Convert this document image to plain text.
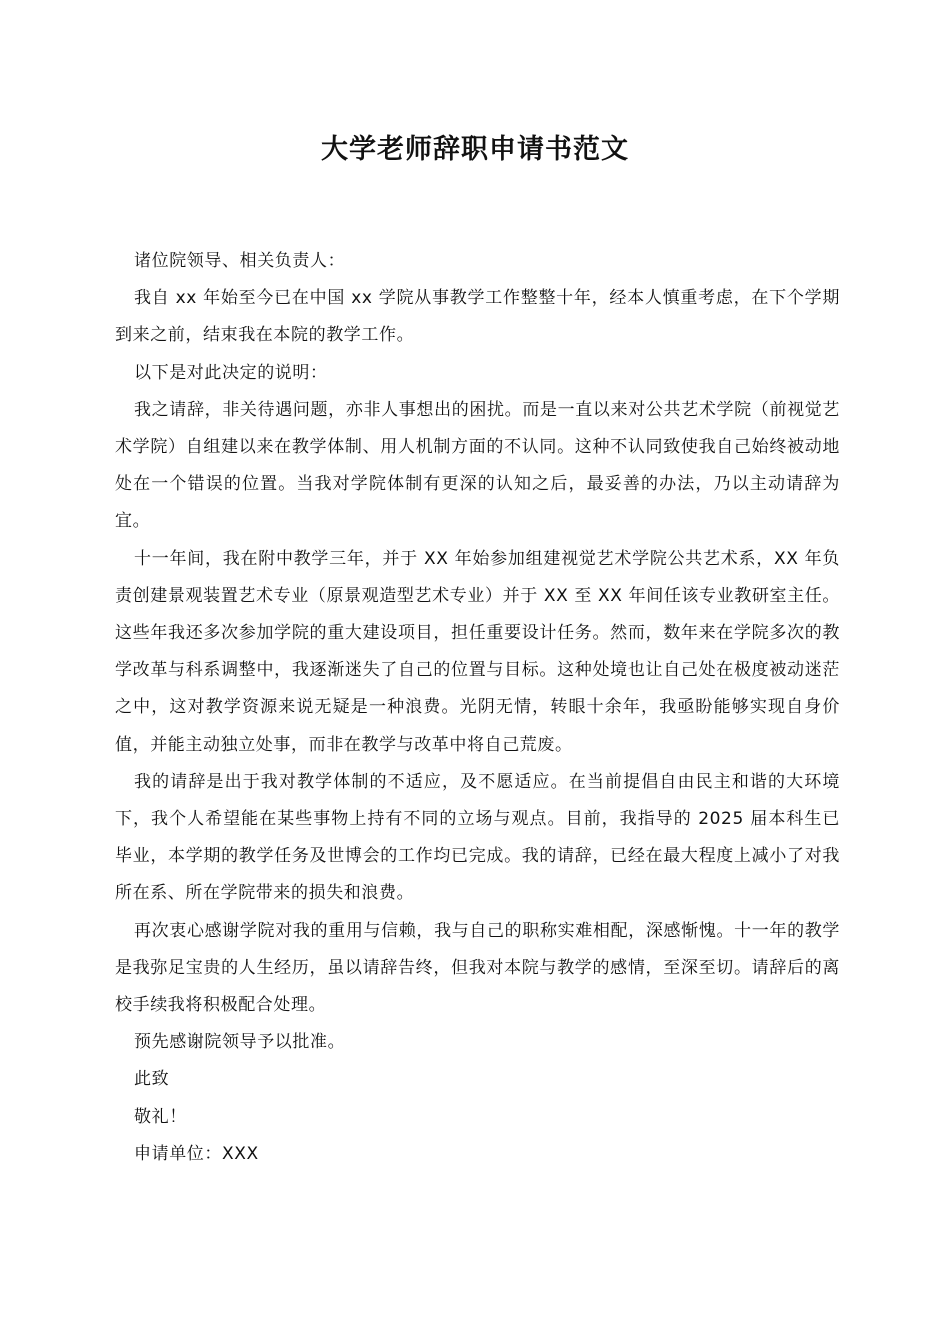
大学老师辞职申请书范文

诸位院领导、相关负责人：

我自 xx 年始至今已在中国 xx 学院从事教学工作整整十年，经本人慎重考虑，在下个学期到来之前，结束我在本院的教学工作。

以下是对此决定的说明：

我之请辞，非关待遇问题，亦非人事想出的困扰。而是一直以来对公共艺术学院（前视觉艺术学院）自组建以来在教学体制、用人机制方面的不认同。这种不认同致使我自己始终被动地处在一个错误的位置。当我对学院体制有更深的认知之后，最妥善的办法，乃以主动请辞为宜。

十一年间，我在附中教学三年，并于 XX 年始参加组建视觉艺术学院公共艺术系，XX 年负责创建景观装置艺术专业（原景观造型艺术专业）并于 XX 至 XX 年间任该专业教研室主任。这些年我还多次参加学院的重大建设项目，担任重要设计任务。然而，数年来在学院多次的教学改革与科系调整中，我逐渐迷失了自己的位置与目标。这种处境也让自己处在极度被动迷茫之中，这对教学资源来说无疑是一种浪费。光阴无情，转眼十余年，我亟盼能够实现自身价值，并能主动独立处事，而非在教学与改革中将自己荒废。

我的请辞是出于我对教学体制的不适应，及不愿适应。在当前提倡自由民主和谐的大环境下，我个人希望能在某些事物上持有不同的立场与观点。目前，我指导的 2025 届本科生已毕业，本学期的教学任务及世博会的工作均已完成。我的请辞，已经在最大程度上减小了对我所在系、所在学院带来的损失和浪费。

再次衷心感谢学院对我的重用与信赖，我与自己的职称实难相配，深感惭愧。十一年的教学是我弥足宝贵的人生经历，虽以请辞告终，但我对本院与教学的感情，至深至切。请辞后的离校手续我将积极配合处理。

预先感谢院领导予以批准。

此致

敬礼！

申请单位：XXX
